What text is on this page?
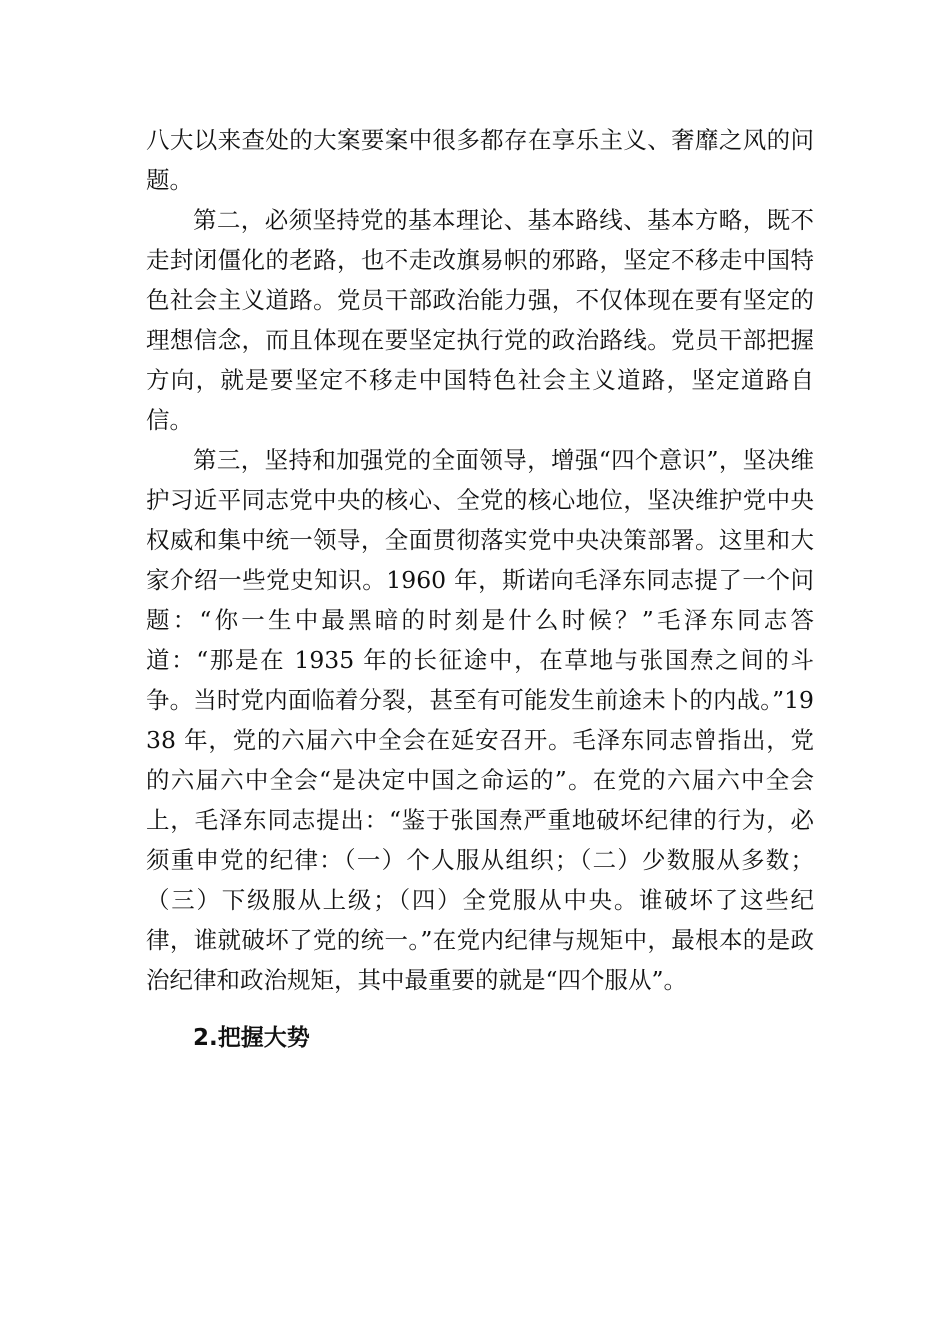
八大以来查处的大案要案中很多都存在享乐主义、奢靡之风的问题。

第二，必须坚持党的基本理论、基本路线、基本方略，既不走封闭僵化的老路，也不走改旗易帜的邪路，坚定不移走中国特色社会主义道路。党员干部政治能力强，不仅体现在要有坚定的理想信念，而且体现在要坚定执行党的政治路线。党员干部把握方向，就是要坚定不移走中国特色社会主义道路，坚定道路自信。

第三，坚持和加强党的全面领导，增强“四个意识”，坚决维护习近平同志党中央的核心、全党的核心地位，坚决维护党中央权威和集中统一领导，全面贯彻落实党中央决策部署。这里和大家介绍一些党史知识。1960 年，斯诺向毛泽东同志提了一个问题：“你一生中最黑暗的时刻是什么时候？”毛泽东同志答道：“那是在 1935 年的长征途中，在草地与张国焘之间的斗争。当时党内面临着分裂，甚至有可能发生前途未卜的内战。”1938 年，党的六届六中全会在延安召开。毛泽东同志曾指出，党的六届六中全会“是决定中国之命运的”。在党的六届六中全会上，毛泽东同志提出：“鉴于张国焘严重地破坏纪律的行为，必须重申党的纪律：（一）个人服从组织；（二）少数服从多数；（三）下级服从上级；（四）全党服从中央。谁破坏了这些纪律，谁就破坏了党的统一。”在党内纪律与规矩中，最根本的是政治纪律和政治规矩，其中最重要的就是“四个服从”。

2.把握大势
